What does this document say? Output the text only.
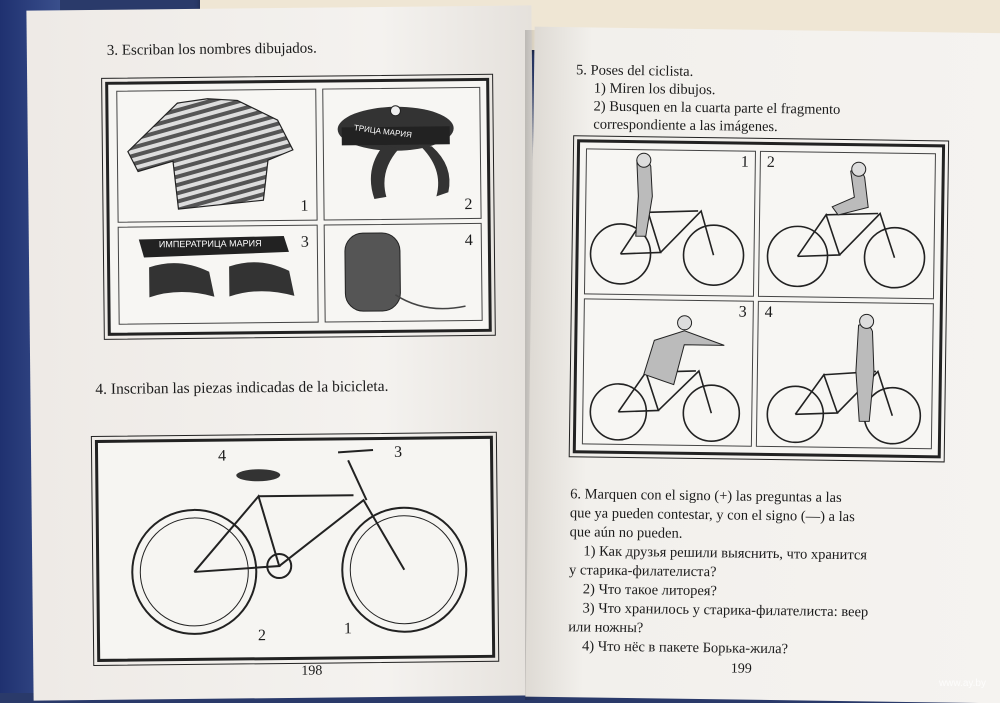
3. Escriban los nombres dibujados.
1
ТРИЦА МАРИЯ
2
ИМПЕРАТРИЦА МАРИЯ 3	4
4. Inscriban las piezas indicadas de la bicicleta.
4	3
2	1
198
5. Poses del ciclista.
1) Miren los dibujos.
2) Busquen en la cuarta parte el fragmento
correspondiente a las imágenes.
1 2
3 4
6. Marquen con el signo (+) las preguntas a las
que ya pueden contestar, y con el signo (—) a las
que aún no pueden.
1) Как друзья решили выяснить, что хранится
у старика-филателиста?
2) Что такое литорея?
3) Что хранилось у старика-филателиста: веер
или ножны?
4) Что нёс в пакете Борька-жила?
199
www.ay.by
